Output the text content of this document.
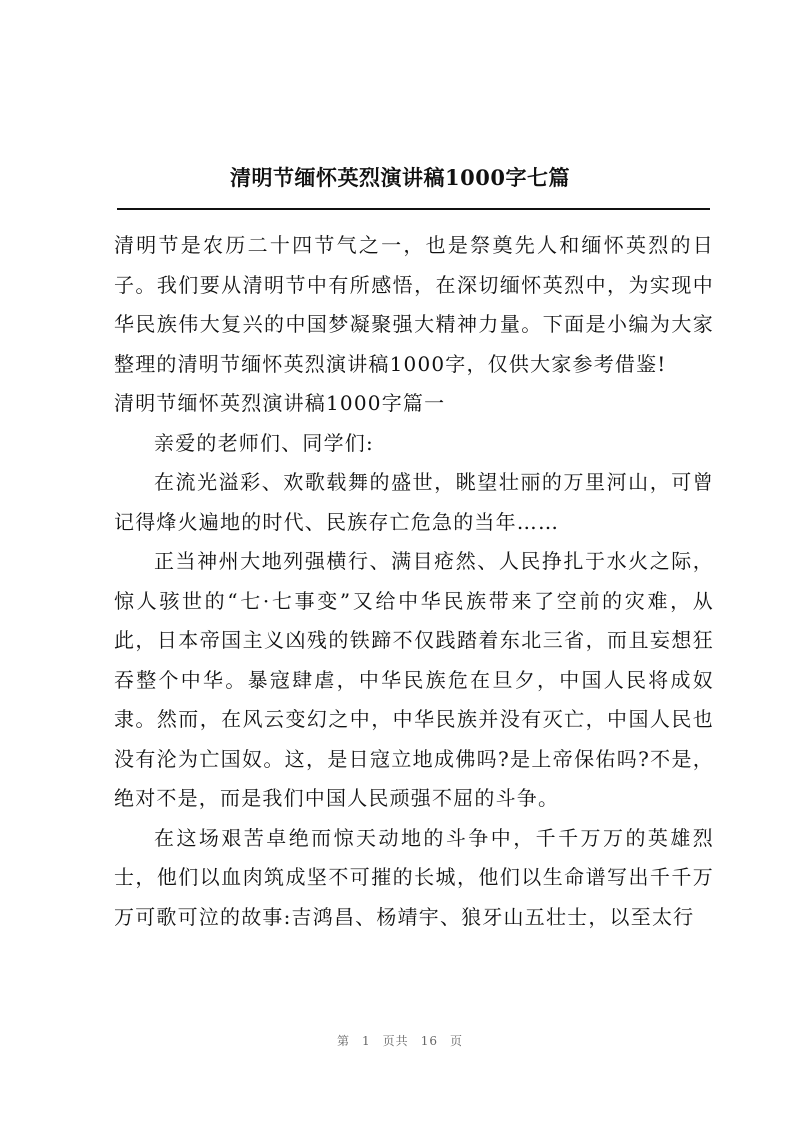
清明节缅怀英烈演讲稿1000字七篇

清明节是农历二十四节气之一，也是祭奠先人和缅怀英烈的日子。我们要从清明节中有所感悟，在深切缅怀英烈中，为实现中华民族伟大复兴的中国梦凝聚强大精神力量。下面是小编为大家整理的清明节缅怀英烈演讲稿1000字，仅供大家参考借鉴!

清明节缅怀英烈演讲稿1000字篇一

亲爱的老师们、同学们:

在流光溢彩、欢歌载舞的盛世，眺望壮丽的万里河山，可曾记得烽火遍地的时代、民族存亡危急的当年……

正当神州大地列强横行、满目疮然、人民挣扎于水火之际，惊人骇世的“七·七事变”又给中华民族带来了空前的灾难，从此，日本帝国主义凶残的铁蹄不仅践踏着东北三省，而且妄想狂吞整个中华。暴寇肆虐，中华民族危在旦夕，中国人民将成奴隶。然而，在风云变幻之中，中华民族并没有灭亡，中国人民也没有沦为亡国奴。这，是日寇立地成佛吗?是上帝保佑吗?不是，绝对不是，而是我们中国人民顽强不屈的斗争。

在这场艰苦卓绝而惊天动地的斗争中，千千万万的英雄烈士，他们以血肉筑成坚不可摧的长城，他们以生命谱写出千千万万可歌可泣的故事:吉鸿昌、杨靖宇、狼牙山五壮士，以至太行

第 1 页共 16 页
